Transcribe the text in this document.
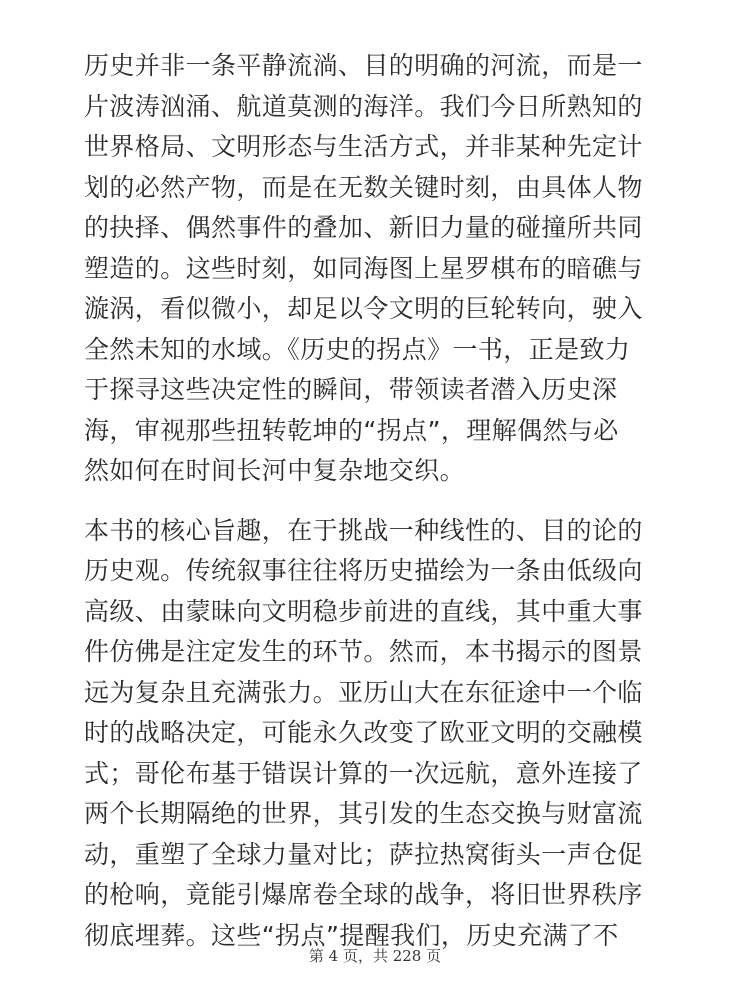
历史并非一条平静流淌、目的明确的河流，而是一
片波涛汹涌、航道莫测的海洋。我们今日所熟知的
世界格局、文明形态与生活方式，并非某种先定计
划的必然产物，而是在无数关键时刻，由具体人物
的抉择、偶然事件的叠加、新旧力量的碰撞所共同
塑造的。这些时刻，如同海图上星罗棋布的暗礁与
漩涡，看似微小，却足以令文明的巨轮转向，驶入
全然未知的水域。《历史的拐点》一书，正是致力
于探寻这些决定性的瞬间，带领读者潜入历史深
海，审视那些扭转乾坤的“拐点”，理解偶然与必
然如何在时间长河中复杂地交织。
本书的核心旨趣，在于挑战一种线性的、目的论的
历史观。传统叙事往往将历史描绘为一条由低级向
高级、由蒙昧向文明稳步前进的直线，其中重大事
件仿佛是注定发生的环节。然而，本书揭示的图景
远为复杂且充满张力。亚历山大在东征途中一个临
时的战略决定，可能永久改变了欧亚文明的交融模
式；哥伦布基于错误计算的一次远航，意外连接了
两个长期隔绝的世界，其引发的生态交换与财富流
动，重塑了全球力量对比；萨拉热窝街头一声仓促
的枪响，竟能引爆席卷全球的战争，将旧世界秩序
彻底埋葬。这些“拐点”提醒我们，历史充满了不
第 4 页，共 228 页
